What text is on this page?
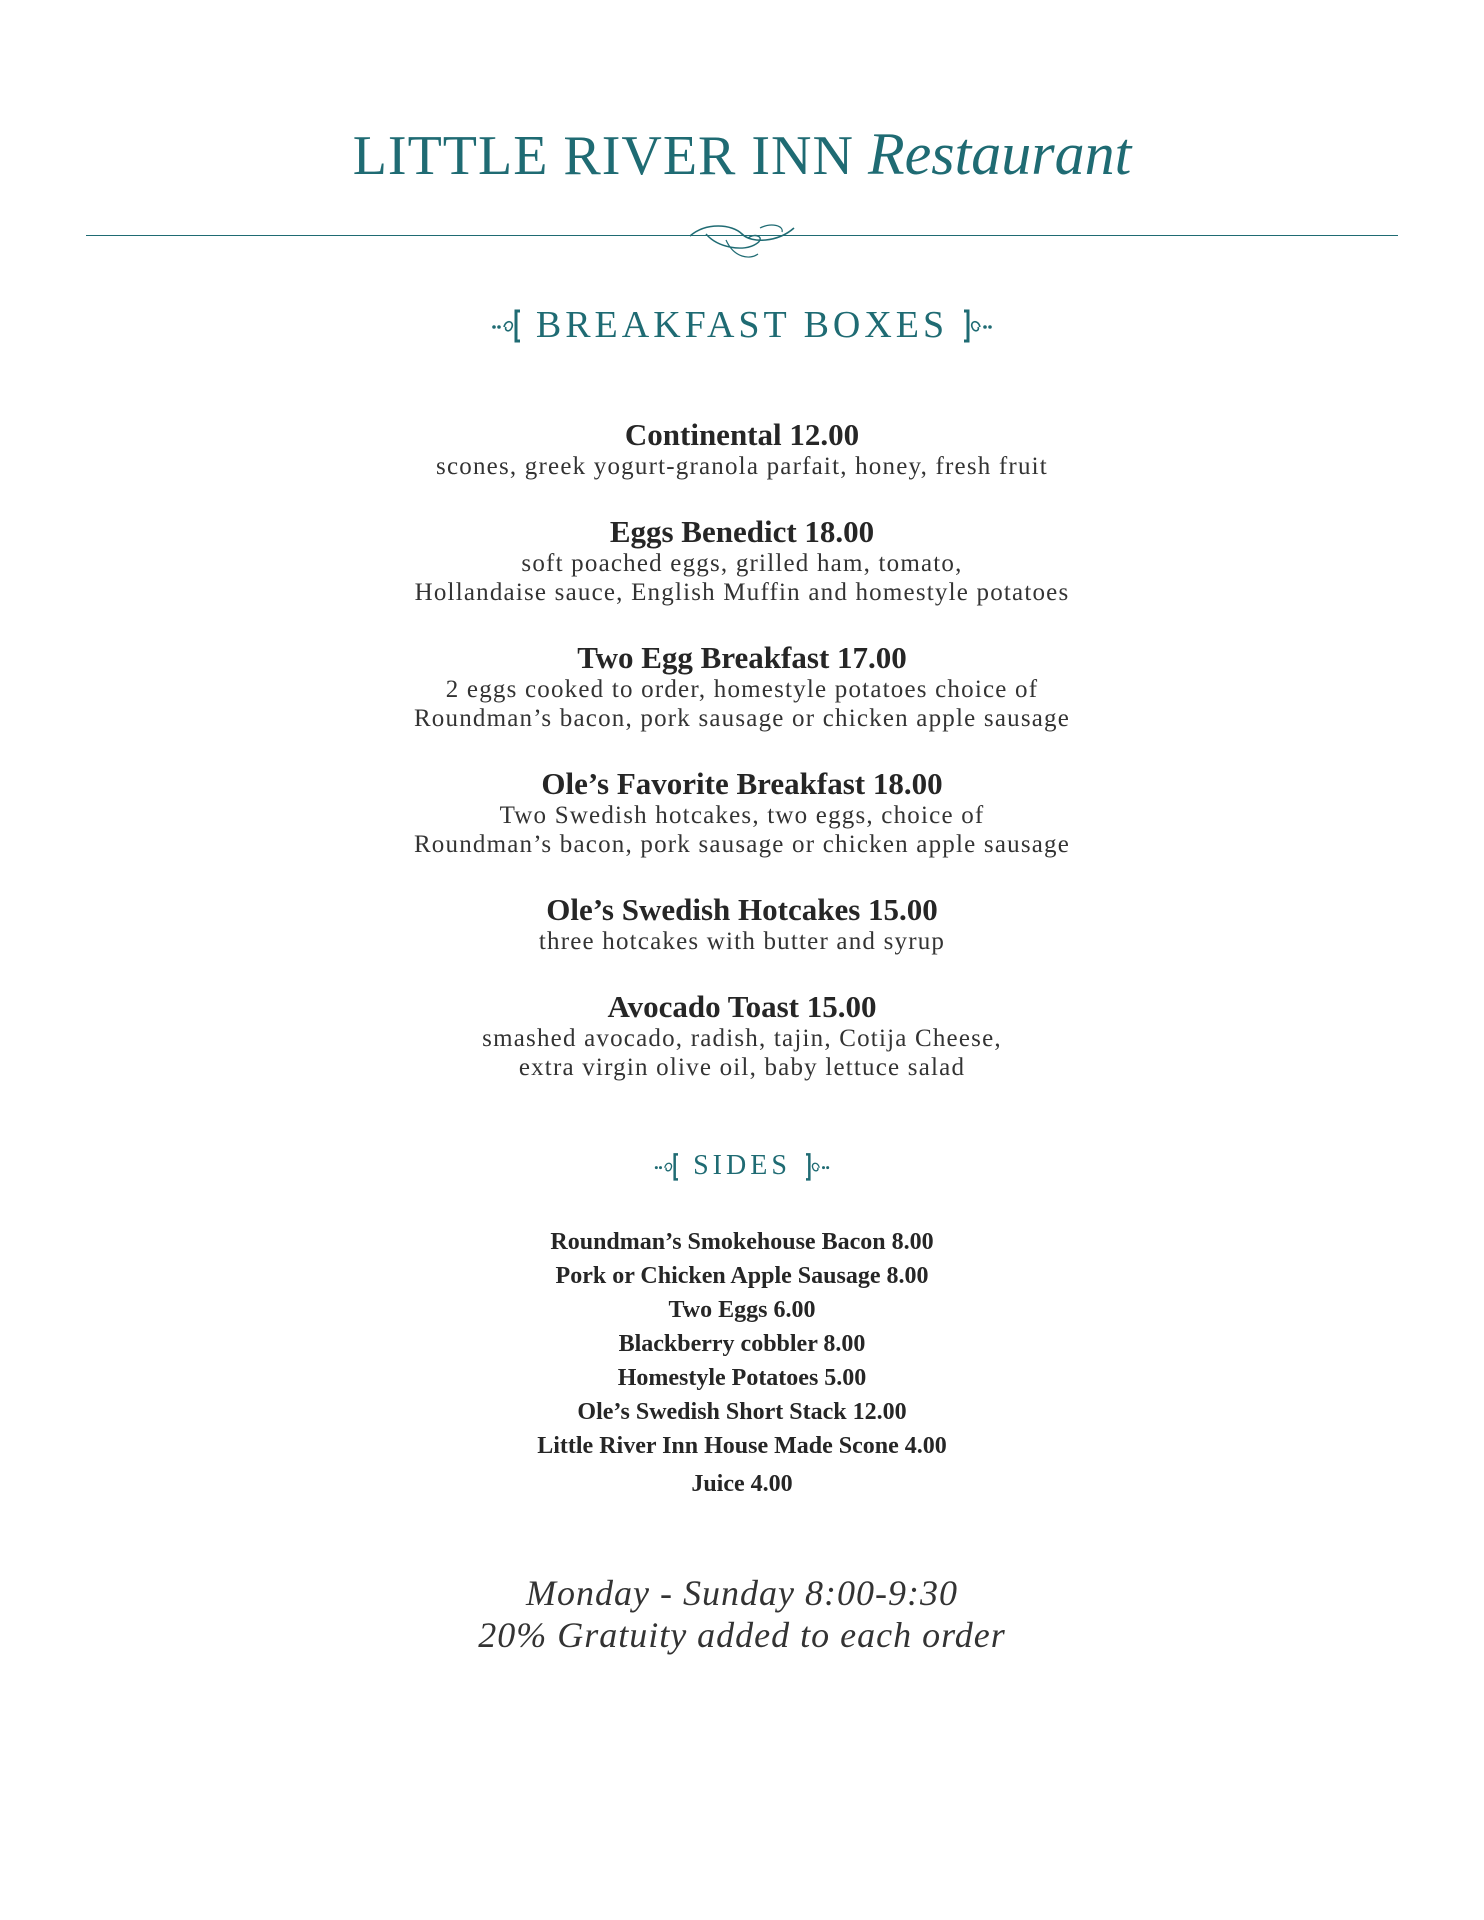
LITTLE RIVER INN Restaurant
BREAKFAST BOXES
Continental 12.00
scones, greek yogurt-granola parfait, honey, fresh fruit
Eggs Benedict 18.00
soft poached eggs, grilled ham, tomato,
Hollandaise sauce, English Muffin and homestyle potatoes
Two Egg Breakfast 17.00
2 eggs cooked to order, homestyle potatoes choice of
Roundman’s bacon, pork sausage or chicken apple sausage
Ole’s Favorite Breakfast 18.00
Two Swedish hotcakes, two eggs, choice of
Roundman’s bacon, pork sausage or chicken apple sausage
Ole’s Swedish Hotcakes 15.00
three hotcakes with butter and syrup
Avocado Toast 15.00
smashed avocado, radish, tajin, Cotija Cheese,
extra virgin olive oil, baby lettuce salad
SIDES
Roundman’s Smokehouse Bacon 8.00
Pork or Chicken Apple Sausage 8.00
Two Eggs 6.00
Blackberry cobbler 8.00
Homestyle Potatoes 5.00
Ole’s Swedish Short Stack 12.00
Little River Inn House Made Scone 4.00
Juice 4.00
Monday - Sunday 8:00-9:30
20% Gratuity added to each order
